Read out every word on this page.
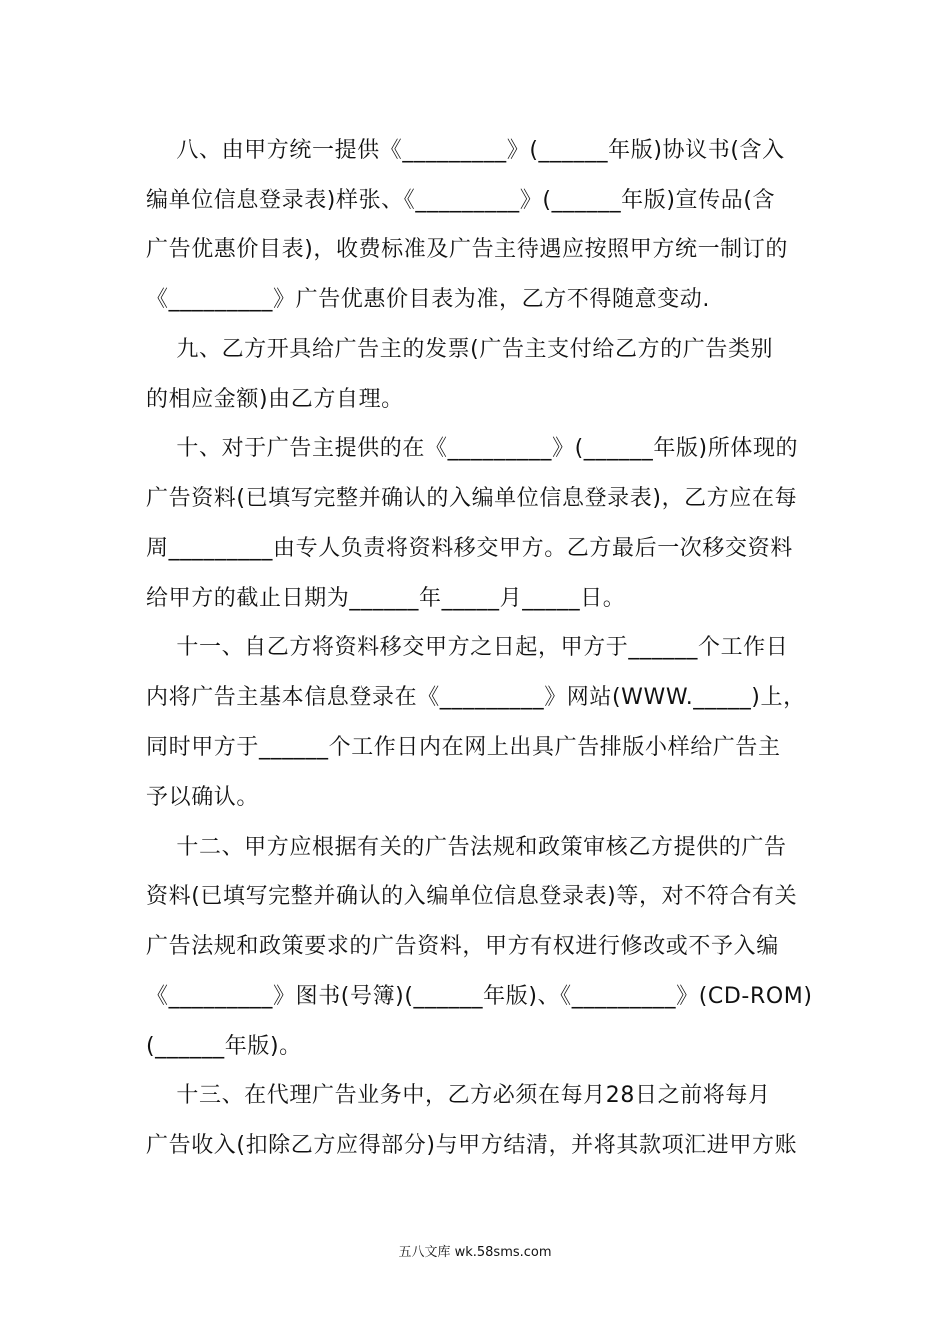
八、由甲方统一提供《_________》(______年版)协议书(含入
编单位信息登录表)样张、《_________》(______年版)宣传品(含
广告优惠价目表)，收费标准及广告主待遇应按照甲方统一制订的
《_________》广告优惠价目表为准，乙方不得随意变动.
九、乙方开具给广告主的发票(广告主支付给乙方的广告类别
的相应金额)由乙方自理。
十、对于广告主提供的在《_________》(______年版)所体现的
广告资料(已填写完整并确认的入编单位信息登录表)，乙方应在每
周_________由专人负责将资料移交甲方。乙方最后一次移交资料
给甲方的截止日期为______年_____月_____日。
十一、自乙方将资料移交甲方之日起，甲方于______个工作日
内将广告主基本信息登录在《_________》网站(WWW._____)上，
同时甲方于______个工作日内在网上出具广告排版小样给广告主
予以确认。
十二、甲方应根据有关的广告法规和政策审核乙方提供的广告
资料(已填写完整并确认的入编单位信息登录表)等，对不符合有关
广告法规和政策要求的广告资料，甲方有权进行修改或不予入编
《_________》图书(号簿)(______年版)、《_________》(CD-ROM)
(______年版)。
十三、在代理广告业务中，乙方必须在每月28日之前将每月
广告收入(扣除乙方应得部分)与甲方结清，并将其款项汇进甲方账
五八文库 wk.58sms.com
